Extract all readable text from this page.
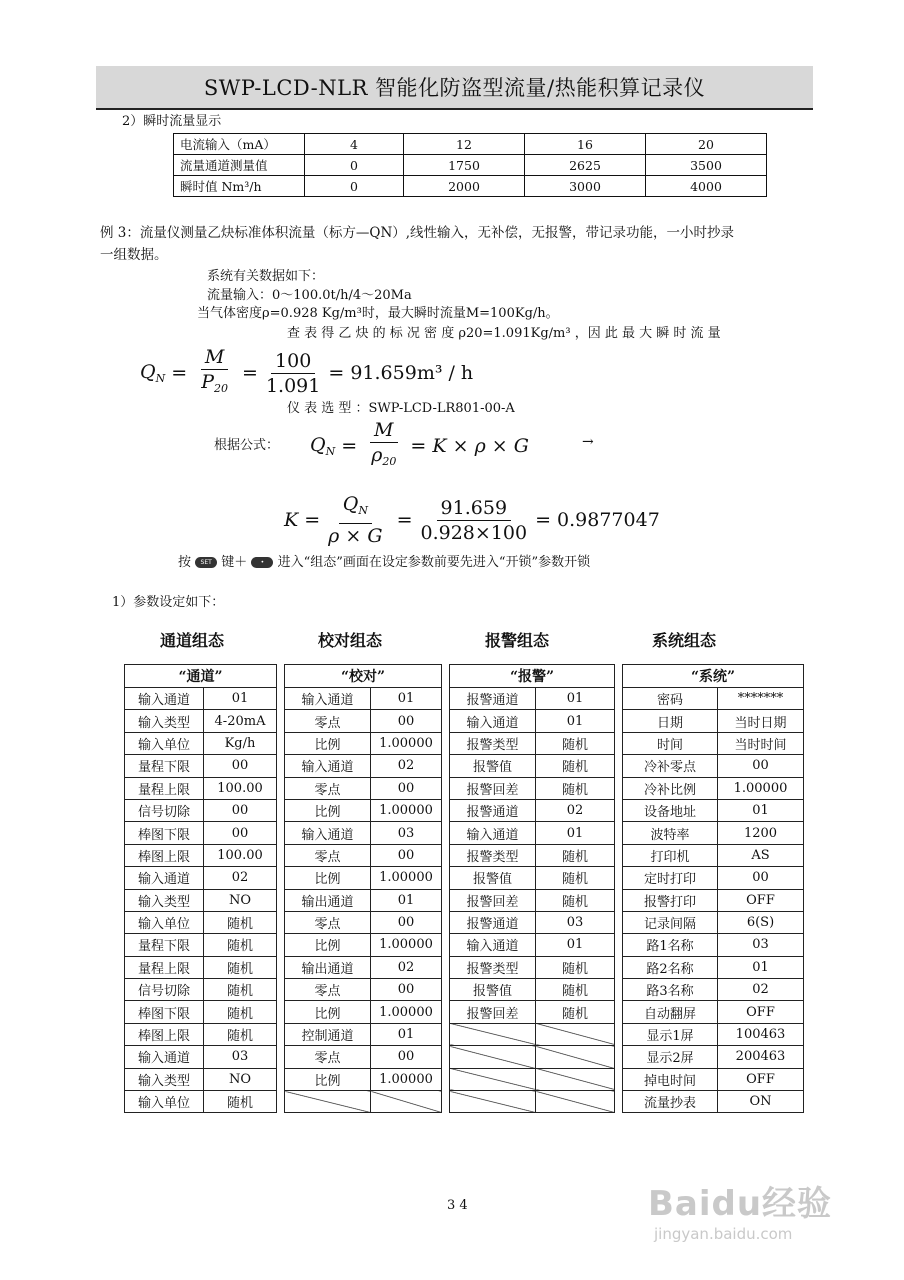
SWP-LCD-NLR 智能化防盗型流量/热能积算记录仪
2）瞬时流量显示
电流输入（mA）	4	12	16	20
流量通道测量值	0	1750	2625	3500
瞬时值 Nm³/h	0	2000	3000	4000
例 3：流量仪测量乙炔标准体积流量（标方—QN）,线性输入，无补偿，无报警，带记录功能，一小时抄录
一组数据。
系统有关数据如下：
流量输入：0～100.0t/h/4～20Ma
当气体密度ρ=0.928 Kg/m³时，最大瞬时流量M=100Kg/h。
查 表 得 乙 炔 的 标 况 密 度 ρ20=1.091Kg/m³ ，因 此 最 大 瞬 时 流 量
$Q_N = \frac{M}{P_{20}} = \frac{100}{1.091} = 91.659m^3 / h$
仪 表 选 型 ：SWP-LCD-LR801-00-A
根据公式： $Q_N = \frac{M}{\rho_{20}} = K \times \rho \times G$	→
$K = \frac{Q_N}{\rho \times G} = \frac{91.659}{0.928\times 100} = 0.9877047$
按 SET 键＋ • 进入“组态”画面在设定参数前要先进入“开锁”参数开锁
1）参数设定如下：
通道组态	校对组态	报警组态	系统组态
“通道”			“校对”			“报警”			“系统”	
输入通道	01		输入通道	01		报警通道	01		密码	*******
输入类型	4-20mA		零点	00		输入通道	01		日期	当时日期
输入单位	Kg/h		比例	1.00000		报警类型	随机		时间	当时时间
量程下限	00		输入通道	02		报警值	随机		冷补零点	00
量程上限	100.00		零点	00		报警回差	随机		冷补比例	1.00000
信号切除	00		比例	1.00000		报警通道	02		设备地址	01
棒图下限	00		输入通道	03		输入通道	01		波特率	1200
棒图上限	100.00		零点	00		报警类型	随机		打印机	AS
输入通道	02		比例	1.00000		报警值	随机		定时打印	00
输入类型	NO		输出通道	01		报警回差	随机		报警打印	OFF
输入单位	随机		零点	00		报警通道	03		记录间隔	6(S)
量程下限	随机		比例	1.00000		输入通道	01		路1名称	03
量程上限	随机		输出通道	02		报警类型	随机		路2名称	01
信号切除	随机		零点	00		报警值	随机		路3名称	02
棒图下限	随机		比例	1.00000		报警回差	随机		自动翻屏	OFF
棒图上限	随机		控制通道	01					显示1屏	100463
输入通道	03		零点	00					显示2屏	200463
输入类型	NO		比例	1.00000					掉电时间	OFF
输入单位	随机								流量抄表	ON
3 4	Baidu经验
jingyan.baidu.com
